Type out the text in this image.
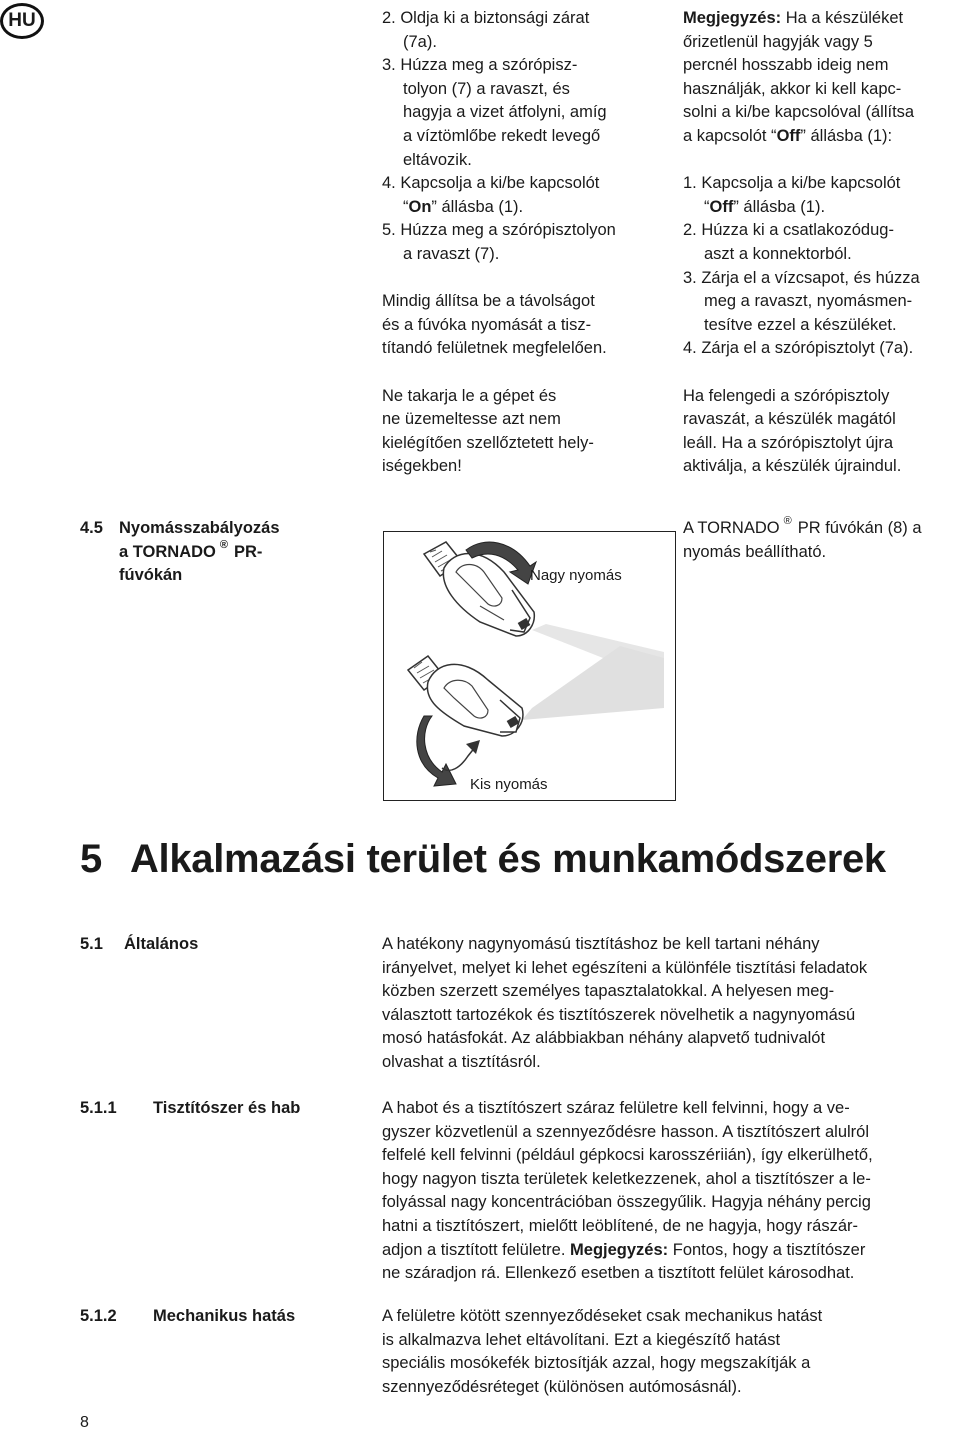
HU	2. Oldja ki a biztonsági zárat
(7a).
3. Húzza meg a szórópisz-
tolyon (7) a ravaszt, és
hagyja a vizet átfolyni, amíg
a víztömlőbe rekedt levegő
eltávozik.
4. Kapcsolja a ki/be kapcsolót
“On” állásba (1).
5. Húzza meg a szórópisztolyon
a ravaszt (7).
Mindig állítsa be a távolságot
és a fúvóka nyomását a tisz-
títandó felületnek megfelelően.
Ne takarja le a gépet és
ne üzemeltesse azt nem
kielégítően szellőztetett hely-
iségekben!
Megjegyzés: Ha a készüléket
őrizetlenül hagyják vagy 5
percnél hosszabb ideig nem
használják, akkor ki kell kapc-
solni a ki/be kapcsolóval (állítsa
a kapcsolót “Off” állásba (1):
1. Kapcsolja a ki/be kapcsolót
“Off” állásba (1).
2. Húzza ki a csatlakozódug-
aszt a konnektorból.
3. Zárja el a vízcsapot, és húzza
meg a ravaszt, nyomásmen-
tesítve ezzel a készüléket.
4. Zárja el a szórópisztolyt (7a).
Ha felengedi a szórópisztoly
ravaszát, a készülék magától
leáll. Ha a szórópisztolyt újra
aktiválja, a készülék újraindul.
4.5 Nyomásszabályozás
a TORNADO ® PR-
fúvókán
A TORNADO ® PR fúvókán (8) a
nyomás beállítható.
Nagy nyomás
Kis nyomás
5 Alkalmazási terület és munkamódszerek
5.1 Általános	A hatékony nagynyomású tisztításhoz be kell tartani néhány
irányelvet, melyet ki lehet egészíteni a különféle tisztítási feladatok
közben szerzett személyes tapasztalatokkal. A helyesen meg-
választott tartozékok és tisztítószerek növelhetik a nagynyomású
mosó hatásfokát. Az alábbiakban néhány alapvető tudnivalót
olvashat a tisztításról.
5.1.1 Tisztítószer és hab	A habot és a tisztítószert száraz felületre kell felvinni, hogy a ve-
gyszer közvetlenül a szennyeződésre hasson. A tisztítószert alulról
felfelé kell felvinni (például gépkocsi karosszériián), így elkerülhető,
hogy nagyon tiszta területek keletkezzenek, ahol a tisztítószer a le-
folyással nagy koncentrációban összegyűlik. Hagyja néhány percig
hatni a tisztítószert, mielőtt leöblítené, de ne hagyja, hogy rászár-
adjon a tisztított felületre. Megjegyzés: Fontos, hogy a tisztítószer
ne száradjon rá. Ellenkező esetben a tisztított felület károsodhat.
5.1.2 Mechanikus hatás	A felületre kötött szennyeződéseket csak mechanikus hatást
is alkalmazva lehet eltávolítani. Ezt a kiegészítő hatást
speciális mosókefék biztosítják azzal, hogy megszakítják a
szennyeződésréteget (különösen autómosásnál).
8
